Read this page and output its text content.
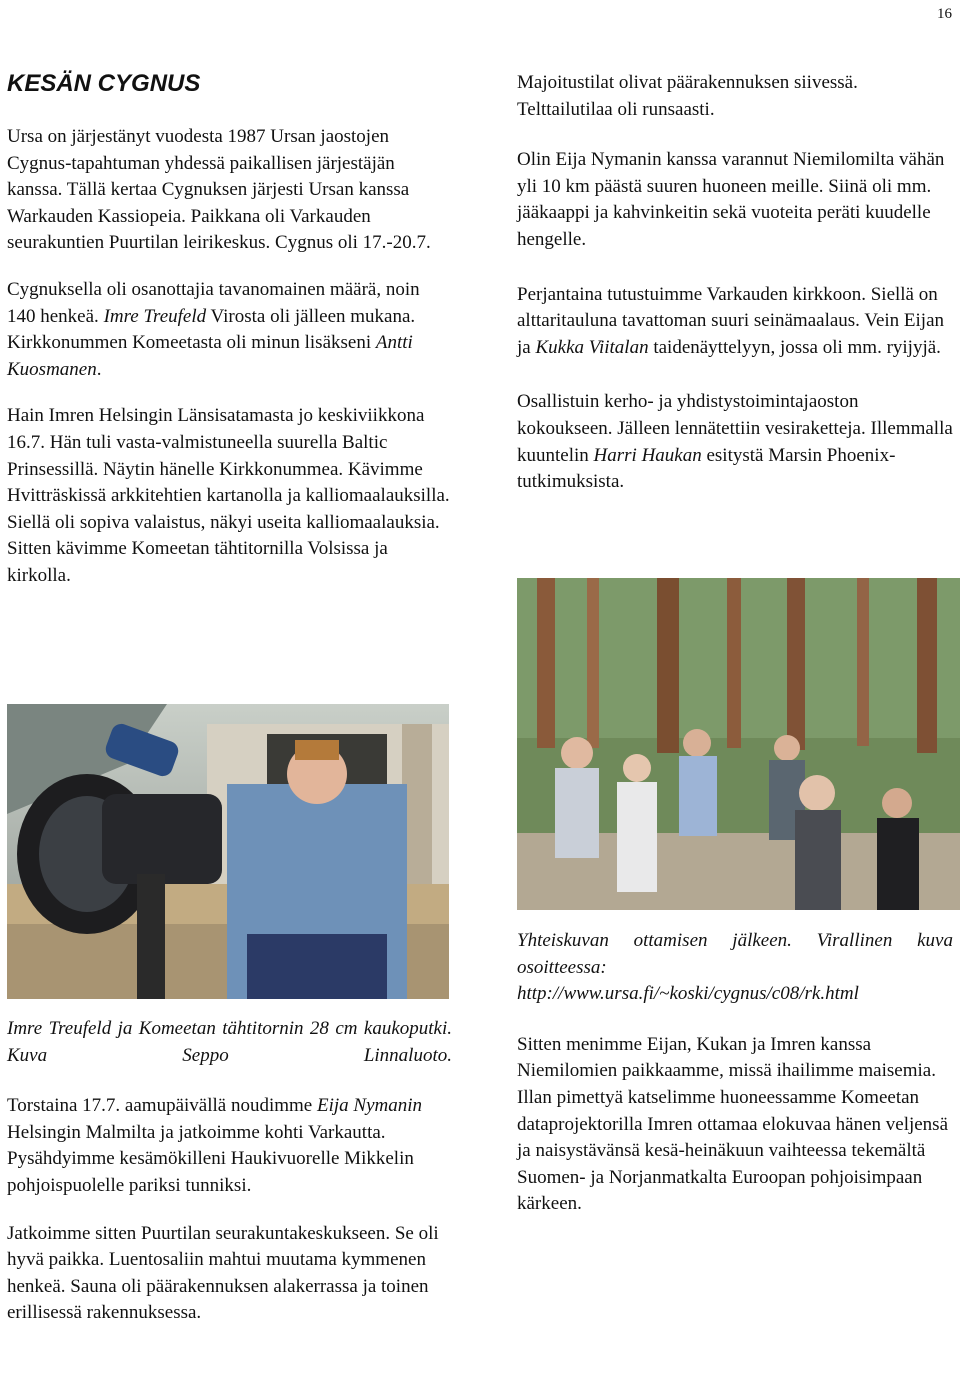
16
KESÄN CYGNUS

Ursa on järjestänyt vuodesta 1987 Ursan jaostojen Cygnus-tapahtuman yhdessä paikallisen järjestäjän kanssa. Tällä kertaa Cygnuksen järjesti Ursan kanssa Warkauden Kassiopeia. Paikkana oli Varkauden seurakuntien Puurtilan leirikeskus. Cygnus oli 17.-20.7.

Cygnuksella oli osanottajia tavanomainen määrä, noin 140 henkeä. Imre Treufeld Virosta oli jälleen mukana. Kirkkonummen Komeetasta oli minun lisäkseni Antti Kuosmanen.

Hain Imren Helsingin Länsisatamasta jo keskiviikkona 16.7. Hän tuli vasta-valmistuneella suurella Baltic Prinsessillä. Näytin hänelle Kirkkonummea. Kävimme Hvitträskissä arkkitehtien kartanolla ja kalliomaalauksilla. Siellä oli sopiva valaistus, näkyi useita kalliomaalauksia. Sitten kävimme Komeetan tähtitornilla Volsissa ja kirkolla.

Imre Treufeld ja Komeetan tähtitornin 28 cm kaukoputki. Kuva Seppo Linnaluoto.

Torstaina 17.7. aamupäivällä noudimme Eija Nymanin Helsingin Malmilta ja jatkoimme kohti Varkautta. Pysähdyimme kesämökilleni Haukivuorelle Mikkelin pohjoispuolelle pariksi tunniksi.

Jatkoimme sitten Puurtilan seurakuntakeskukseen. Se oli hyvä paikka. Luentosaliin mahtui muutama kymmenen henkeä. Sauna oli päärakennuksen alakerrassa ja toinen erillisessä rakennuksessa.

Majoitustilat olivat päärakennuksen siivessä. Telttailutilaa oli runsaasti.

Olin Eija Nymanin kanssa varannut Niemilomilta vähän yli 10 km päästä suuren huoneen meille. Siinä oli mm. jääkaappi ja kahvinkeitin sekä vuoteita peräti kuudelle hengelle.

Perjantaina tutustuimme Varkauden kirkkoon. Siellä on alttaritauluna tavattoman suuri seinämaalaus. Vein Eijan ja Kukka Viitalan taidenäyttelyyn, jossa oli mm. ryijyjä.

Osallistuin kerho- ja yhdistystoimintajaoston kokoukseen. Jälleen lennätettiin vesiraketteja. Illemmalla kuuntelin Harri Haukan esitystä Marsin Phoenix-tutkimuksista.

Yhteiskuvan ottamisen jälkeen. Virallinen kuva osoitteessa: http://www.ursa.fi/~koski/cygnus/c08/rk.html

Sitten menimme Eijan, Kukan ja Imren kanssa Niemilomien paikkaamme, missä ihailimme maisemia. Illan pimettyä katselimme huoneessamme Komeetan dataprojektorilla Imren ottamaa elokuvaa hänen veljensä ja naisystävänsä kesä-heinäkuun vaihteessa tekemältä Suomen- ja Norjanmatkalta Euroopan pohjoisimpaan kärkeen.
